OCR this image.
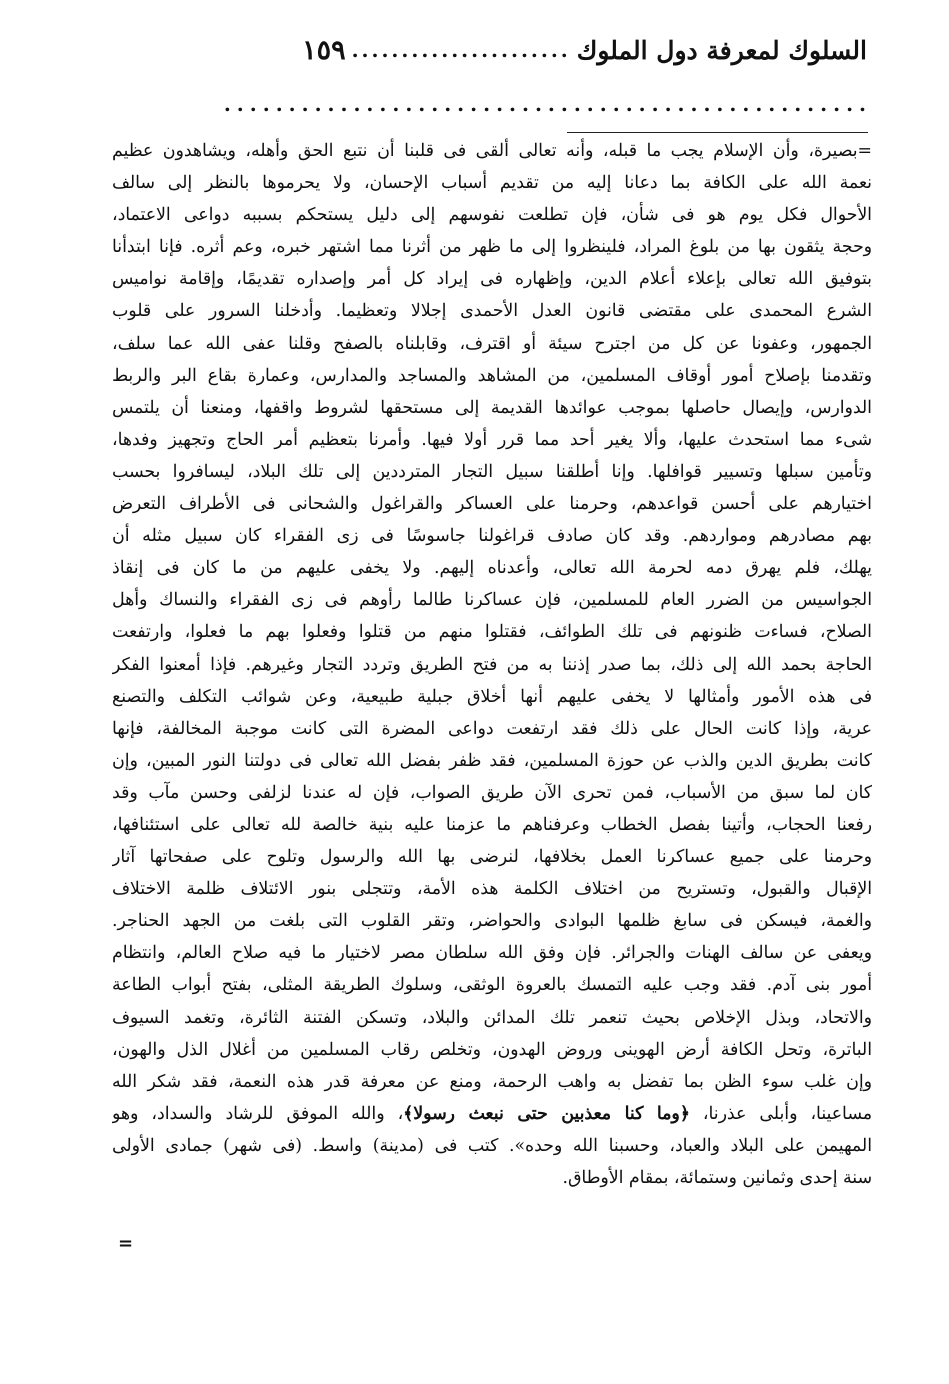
السلوك لمعرفة دول الملوك
......................
١٥٩
..................................................
=بصيرة، وأن الإسلام يجب ما قبله، وأنه تعالى ألقى فى قلبنا أن نتبع الحق وأهله، ويشاهدون عظيم
نعمة الله على الكافة بما دعانا إليه من تقديم أسباب الإحسان، ولا يحرموها بالنظر إلى سالف
الأحوال فكل يوم هو فى شأن، فإن تطلعت نفوسهم إلى دليل يستحكم بسببه دواعى الاعتماد،
وحجة يثقون بها من بلوغ المراد، فلينظروا إلى ما ظهر من أثرنا مما اشتهر خبره، وعم أثره. فإنا ابتدأنا
بتوفيق الله تعالى بإعلاء أعلام الدين، وإظهاره فى إيراد كل أمر وإصداره تقديمًا، وإقامة نواميس
الشرع المحمدى على مقتضى قانون العدل الأحمدى إجلالا وتعظيما. وأدخلنا السرور على قلوب
الجمهور، وعفونا عن كل من اجترح سيئة أو اقترف، وقابلناه بالصفح وقلنا عفى الله عما سلف،
وتقدمنا بإصلاح أمور أوقاف المسلمين، من المشاهد والمساجد والمدارس، وعمارة بقاع البر والربط
الدوارس، وإيصال حاصلها بموجب عوائدها القديمة إلى مستحقها لشروط واقفها، ومنعنا أن يلتمس
شىء مما استحدث عليها، وألا يغير أحد مما قرر أولا فيها. وأمرنا بتعظيم أمر الحاج وتجهيز وفدها،
وتأمين سبلها وتسيير قوافلها. وإنا أطلقنا سبيل التجار المترددين إلى تلك البلاد، ليسافروا بحسب
اختيارهم على أحسن قواعدهم، وحرمنا على العساكر والقراغول والشحانى فى الأطراف التعرض
بهم مصادرهم ومواردهم. وقد كان صادف قراغولنا جاسوسًا فى زى الفقراء كان سبيل مثله أن
يهلك، فلم يهرق دمه لحرمة الله تعالى، وأعدناه إليهم. ولا يخفى عليهم من ما كان فى إنقاذ
الجواسيس من الضرر العام للمسلمين، فإن عساكرنا طالما رأوهم فى زى الفقراء والنساك وأهل
الصلاح، فساءت ظنونهم فى تلك الطوائف، فقتلوا منهم من قتلوا وفعلوا بهم ما فعلوا، وارتفعت
الحاجة بحمد الله إلى ذلك، بما صدر إذننا به من فتح الطريق وتردد التجار وغيرهم. فإذا أمعنوا الفكر
فى هذه الأمور وأمثالها لا يخفى عليهم أنها أخلاق جبلية طبيعية، وعن شوائب التكلف والتصنع
عرية، وإذا كانت الحال على ذلك فقد ارتفعت دواعى المضرة التى كانت موجبة المخالفة، فإنها
كانت بطريق الدين والذب عن حوزة المسلمين، فقد ظفر بفضل الله تعالى فى دولتنا النور المبين، وإن
كان لما سبق من الأسباب، فمن تحرى الآن طريق الصواب، فإن له عندنا لزلفى وحسن مآب وقد
رفعنا الحجاب، وأتينا بفصل الخطاب وعرفناهم ما عزمنا عليه بنية خالصة لله تعالى على استئنافها،
وحرمنا على جميع عساكرنا العمل بخلافها، لنرضى بها الله والرسول وتلوح على صفحاتها آثار
الإقبال والقبول، وتستريح من اختلاف الكلمة هذه الأمة، وتتجلى بنور الائتلاف ظلمة الاختلاف
والغمة، فيسكن فى سابغ ظلمها البوادى والحواضر، وتقر القلوب التى بلغت من الجهد الحناجر.
ويعفى عن سالف الهنات والجرائر. فإن وفق الله سلطان مصر لاختيار ما فيه صلاح العالم، وانتظام
أمور بنى آدم. فقد وجب عليه التمسك بالعروة الوثقى، وسلوك الطريقة المثلى، بفتح أبواب الطاعة
والاتحاد، وبذل الإخلاص بحيث تنعمر تلك المدائن والبلاد، وتسكن الفتنة الثائرة، وتغمد السيوف
الباترة، وتحل الكافة أرض الهوينى وروض الهدون، وتخلص رقاب المسلمين من أغلال الذل والهون،
وإن غلب سوء الظن بما تفضل به واهب الرحمة، ومنع عن معرفة قدر هذه النعمة، فقد شكر الله
مساعينا، وأبلى عذرنا، ﴿وما كنا معذبين حتى نبعث رسولا﴾، والله الموفق للرشاد والسداد، وهو
المهيمن على البلاد والعباد، وحسبنا الله وحده». كتب فى (مدينة) واسط. (فى شهر) جمادى الأولى
سنة إحدى وثمانين وستمائة، بمقام الأوطاق.
=
